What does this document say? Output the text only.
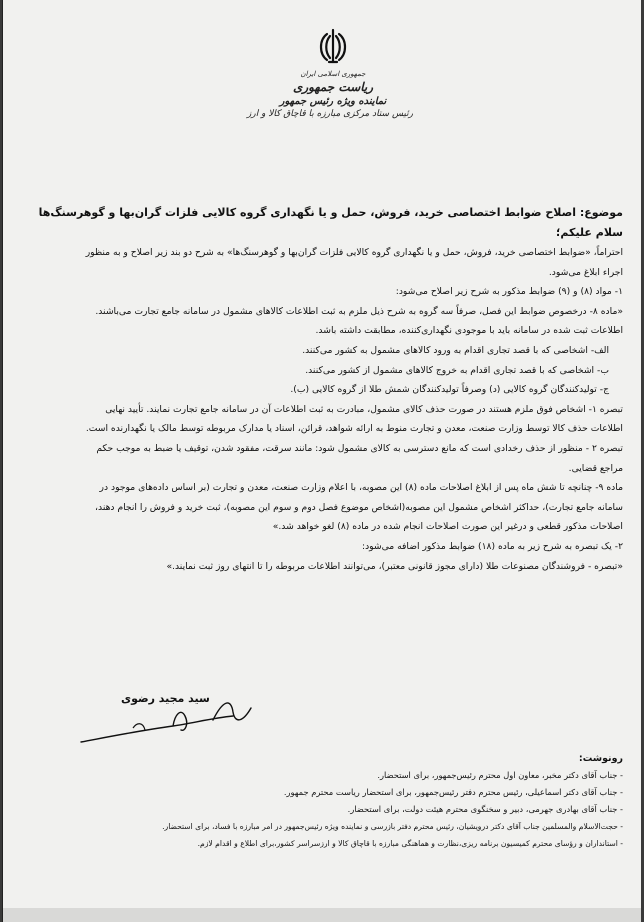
جمهوری اسلامی ایران
ریاست جمهوری
نماینده ویژه رئیس جمهور
رئیس ستاد مرکزی مبارزه با قاچاق کالا و ارز
موضوع: اصلاح ضوابط اختصاصی خرید، فروش، حمل و یا نگهداری گروه کالایی فلزات گران‌بها و گوهرسنگ‌ها
سلام علیکم؛
احتراماً، «ضوابط اختصاصی خرید، فروش، حمل و یا نگهداری گروه کالایی فلزات گران‌بها و گوهرسنگ‌ها» به شرح دو بند زیر اصلاح و به منظور
اجراء ابلاغ می‌شود.
۱- مواد (۸) و (۹) ضوابط مذکور به شرح زیر اصلاح می‌شود:
«ماده ۸- درخصوص ضوابط این فصل، صرفاً سه گروه به شرح ذیل ملزم به ثبت اطلاعات کالاهای مشمول در سامانه جامع تجارت می‌باشند.
اطلاعات ثبت شده در سامانه باید با موجودی نگهداری‌کننده، مطابقت داشته باشد.
الف- اشخاصی که با قصد تجاری اقدام به ورود کالاهای مشمول به کشور می‌کنند.
ب- اشخاصی که با قصد تجاری اقدام به خروج کالاهای مشمول از کشور می‌کنند.
ج- تولیدکنندگان گروه کالایی (د) وصرفاً تولیدکنندگان شمش طلا از گروه کالایی (ب).
تبصره ۱- اشخاص فوق ملزم هستند در صورت حذف کالای مشمول، مبادرت به ثبت اطلاعات آن در سامانه جامع تجارت نمایند. تأیید نهایی
اطلاعات حذف کالا توسط وزارت صنعت، معدن و تجارت منوط به ارائه شواهد، قرائن، اسناد یا مدارک مربوطه توسط مالک یا نگهدارنده است.
تبصره ۲ - منظور از حذف رخدادی است که مانع دسترسی به کالای مشمول شود: مانند سرقت، مفقود شدن، توقیف یا ضبط به موجب حکم
مراجع قضایی.
ماده ۹- چنانچه تا شش ماه پس از ابلاغ اصلاحات ماده (۸) این مصوبه، با اعلام وزارت صنعت، معدن و تجارت (بر اساس داده‌های موجود در
سامانه جامع تجارت)، حداکثر اشخاص مشمول این مصوبه(اشخاص موضوع فصل دوم و سوم این مصوبه)، ثبت خرید و فروش را انجام دهند،
اصلاحات مذکور قطعی و درغیر این صورت اصلاحات انجام شده در ماده (۸) لغو خواهد شد.»
۲- یک تبصره به شرح زیر به ماده (۱۸) ضوابط مذکور اضافه می‌شود:
«تبصره - فروشندگان مصنوعات طلا (دارای مجوز قانونی معتبر)، می‌توانند اطلاعات مربوطه را تا انتهای روز ثبت نمایند.»
سید مجید رضوی
رونوشت:
- جناب آقای دکتر مخبر، معاون اول محترم رئیس‌جمهور، برای استحضار.
- جناب آقای دکتر اسماعیلی، رئیس محترم دفتر رئیس‌جمهور، برای استحضار ریاست محترم جمهور.
- جناب آقای بهادری جهرمی، دبیر و سخنگوی محترم هیئت دولت، برای استحضار.
- حجت‌الاسلام والمسلمین جناب آقای دکتر درویشیان، رئیس محترم دفتر بازرسی و نماینده ویژه رئیس‌جمهور در امر مبارزه با فساد، برای استحضار.
- استانداران و رؤسای محترم کمیسیون برنامه ریزی،نظارت و هماهنگی مبارزه با قاچاق کالا و ارزسراسر کشور،برای اطلاع و اقدام لازم.
